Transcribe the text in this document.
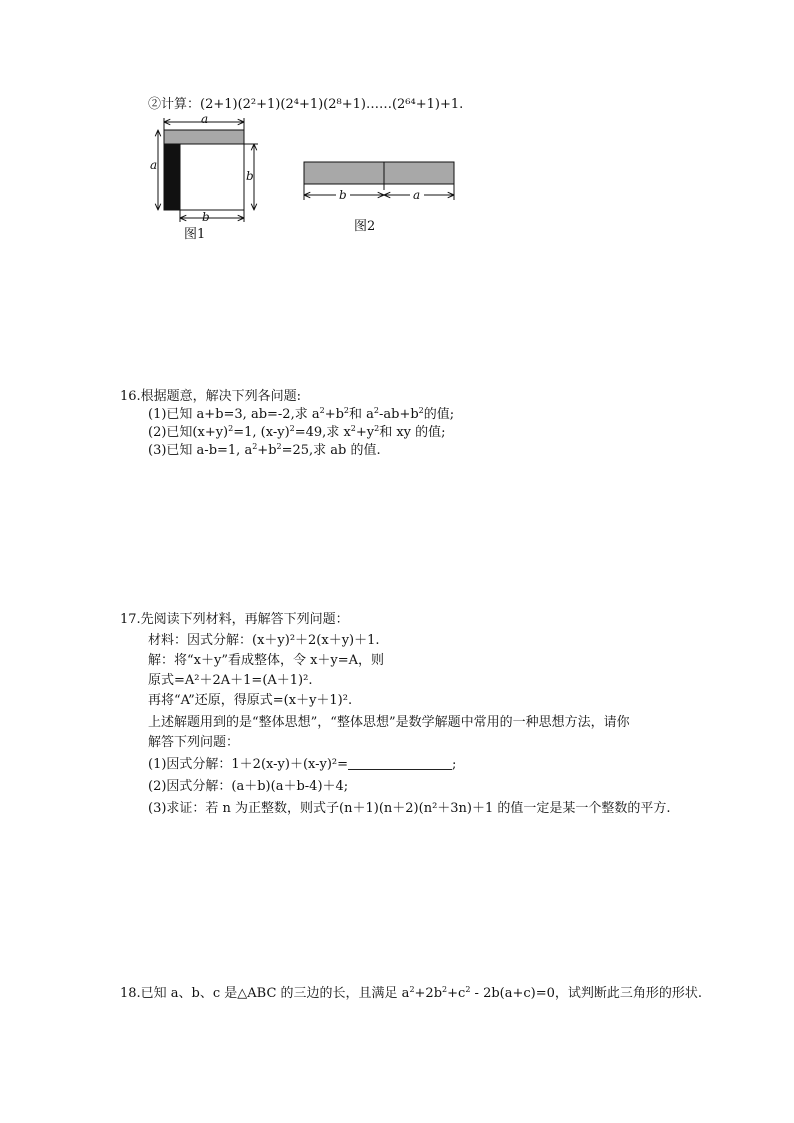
②计算：(2+1)(2²+1)(2⁴+1)(2⁸+1)……(2⁶⁴+1)+1.
a
a
b
b
图1
b	a
图2
16.根据题意，解决下列各问题:
(1)已知 a+b=3, ab=-2,求 $a^2+b^2$和 $a^2-ab+b^2$的值;
(2)已知$(x+y)^2=1$, $(x-y)^2=49$,求 $x^2+y^2$和 xy 的值;
(3)已知 a-b=1, $a^2+b^2=25$,求 ab 的值.
17.先阅读下列材料，再解答下列问题：
材料：因式分解：(x＋y)²＋2(x＋y)＋1.
解：将“x＋y”看成整体，令 x＋y=A，则
原式=A²＋2A＋1=(A＋1)².
再将“A”还原，得原式=(x＋y＋1)².
上述解题用到的是“整体思想”，“整体思想”是数学解题中常用的一种思想方法，请你
解答下列问题：
(1)因式分解：1＋2(x-y)＋(x-y)²=	;
(2)因式分解：(a＋b)(a＋b-4)＋4;
(3)求证：若 n 为正整数，则式子(n＋1)(n＋2)(n²＋3n)＋1 的值一定是某一个整数的平方.
18.已知 a、b、c 是△ABC 的三边的长，且满足 $a^2+2b^2+c^2 - 2b(a+c)=0$，试判断此三角形的形状.
